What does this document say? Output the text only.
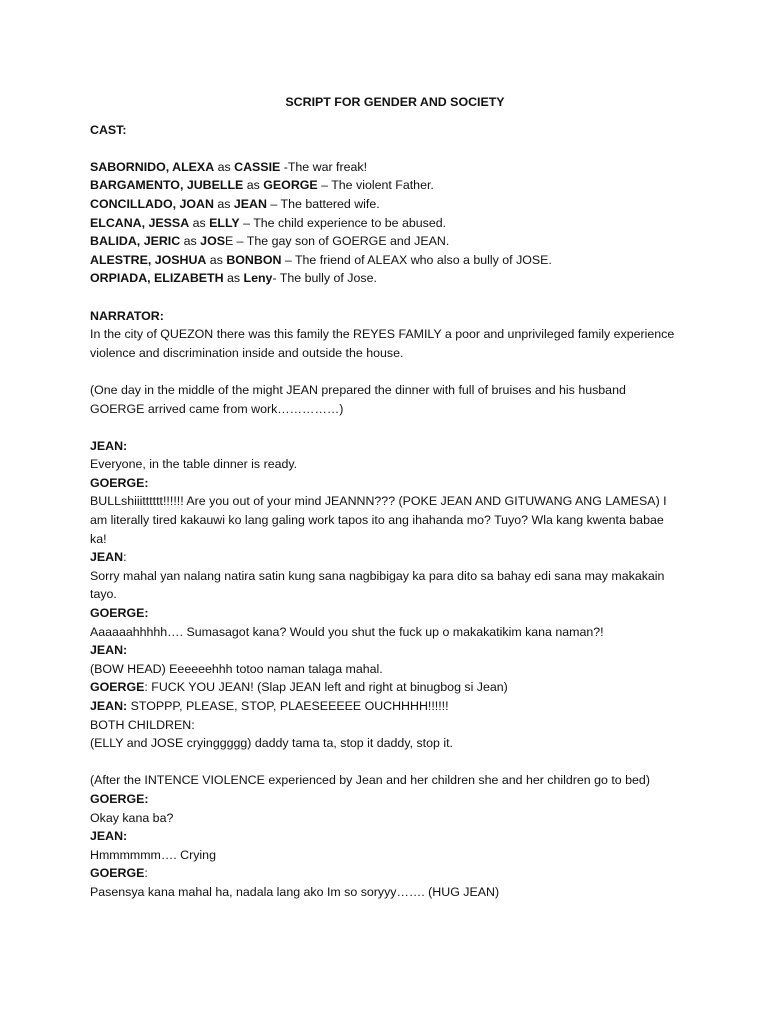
SCRIPT FOR GENDER AND SOCIETY

CAST:

SABORNIDO, ALEXA as CASSIE -The war freak!

BARGAMENTO, JUBELLE as GEORGE – The violent Father.

CONCILLADO, JOAN as JEAN – The battered wife.

ELCANA, JESSA as ELLY – The child experience to be abused.

BALIDA, JERIC as JOSE – The gay son of GOERGE and JEAN.

ALESTRE, JOSHUA as BONBON – The friend of ALEAX who also a bully of JOSE.

ORPIADA, ELIZABETH as Leny- The bully of Jose.

NARRATOR:

In the city of QUEZON there was this family the REYES FAMILY a poor and unprivileged family experience

violence and discrimination inside and outside the house.

(One day in the middle of the might JEAN prepared the dinner with full of bruises and his husband

GOERGE arrived came from work……………)

JEAN:

Everyone, in the table dinner is ready.

GOERGE:

BULLshiiitttttt!!!!!! Are you out of your mind JEANNN??? (POKE JEAN AND GITUWANG ANG LAMESA) I

am literally tired kakauwi ko lang galing work tapos ito ang ihahanda mo? Tuyo? Wla kang kwenta babae

ka!

JEAN:

Sorry mahal yan nalang natira satin kung sana nagbibigay ka para dito sa bahay edi sana may makakain

tayo.

GOERGE:

Aaaaaahhhhh…. Sumasagot kana? Would you shut the fuck up o makakatikim kana naman?!

JEAN:

(BOW HEAD) Eeeeeehhh totoo naman talaga mahal.

GOERGE: FUCK YOU JEAN! (Slap JEAN left and right at binugbog si Jean)

JEAN: STOPPP, PLEASE, STOP, PLAESEEEEE OUCHHHH!!!!!!

BOTH CHILDREN:

(ELLY and JOSE cryinggggg) daddy tama ta, stop it daddy, stop it.

(After the INTENCE VIOLENCE experienced by Jean and her children she and her children go to bed)

GOERGE:

Okay kana ba?

JEAN:

Hmmmmmm…. Crying

GOERGE:

Pasensya kana mahal ha, nadala lang ako Im so soryyy……. (HUG JEAN)
